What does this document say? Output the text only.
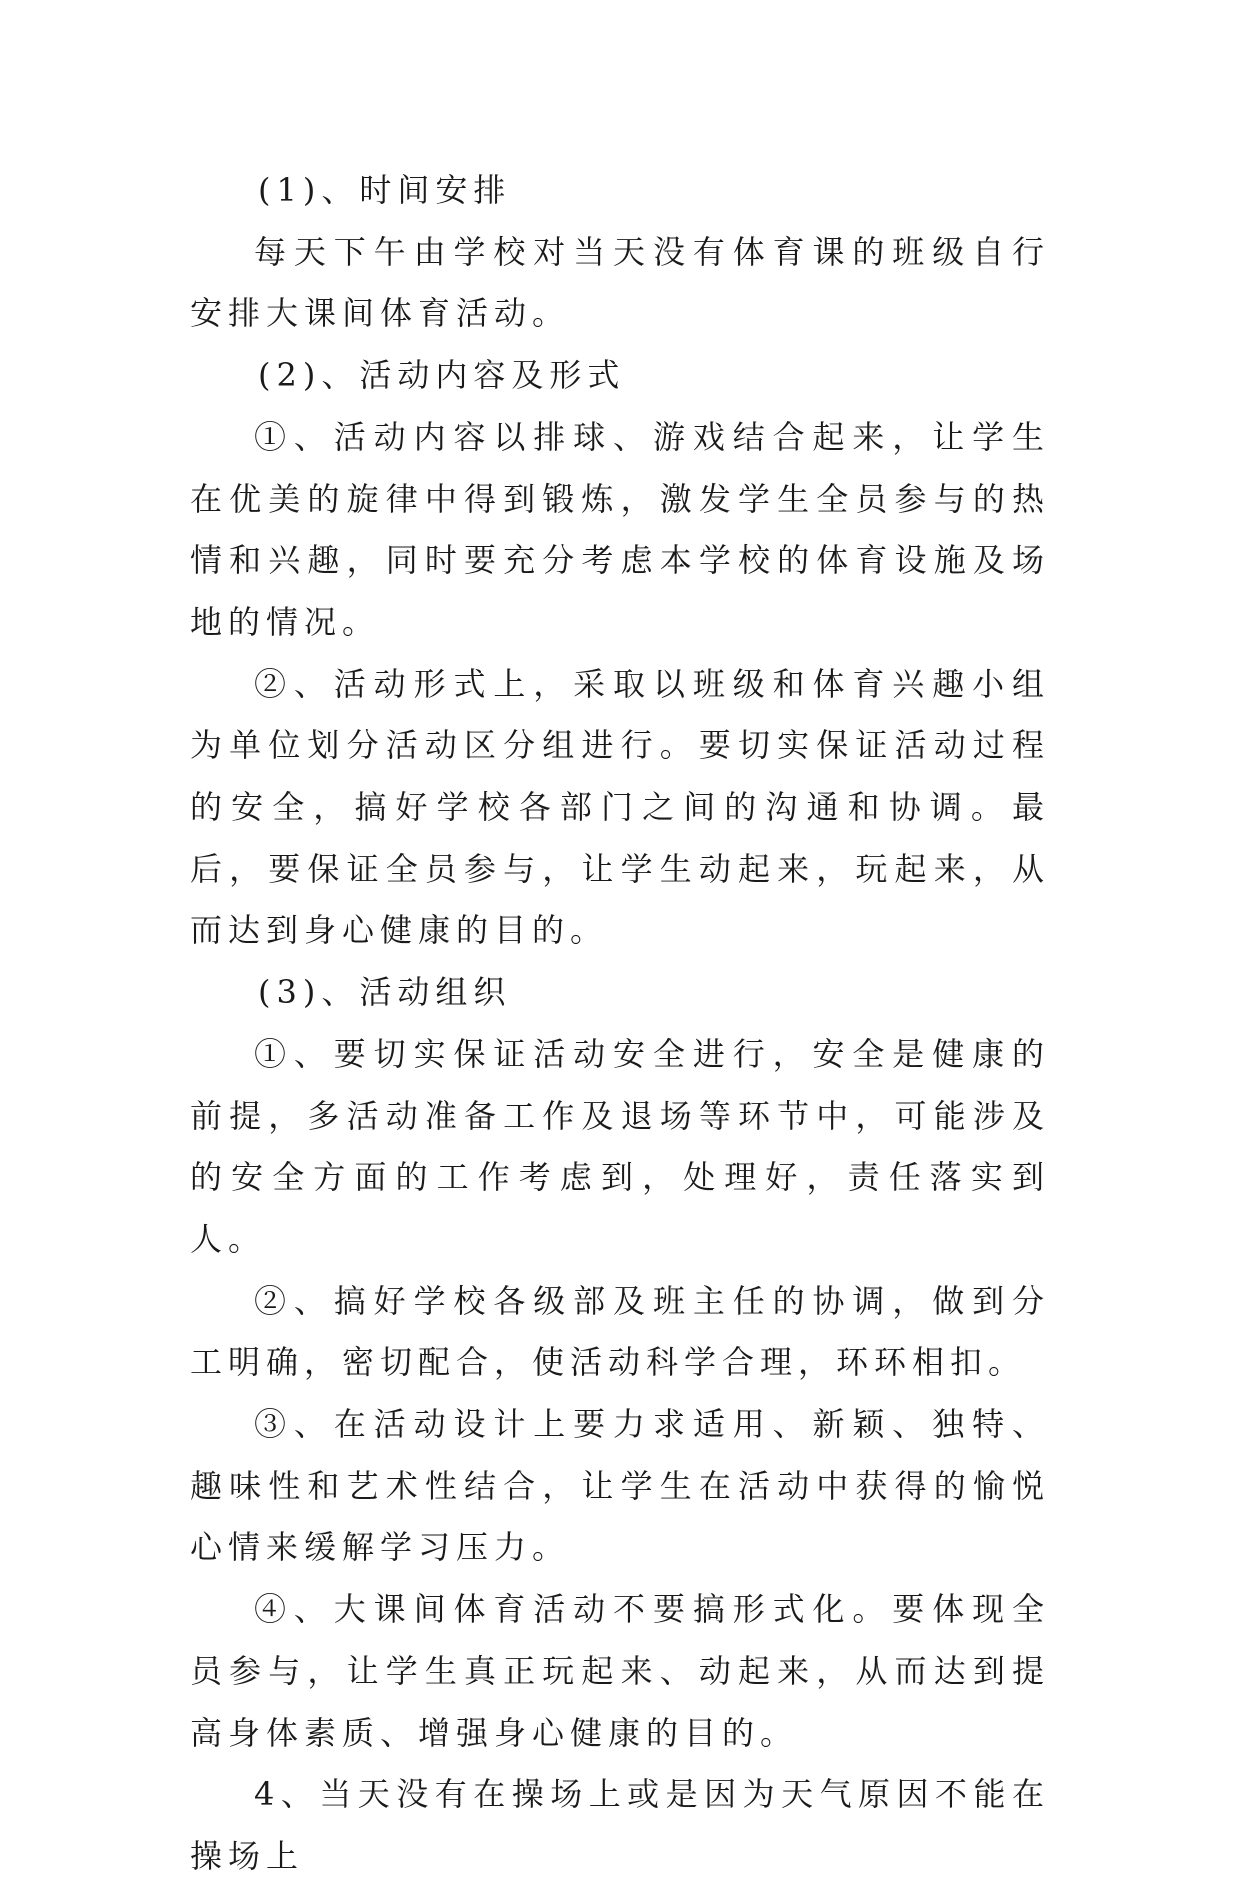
(1)、时间安排

每天下午由学校对当天没有体育课的班级自行安排大课间体育活动。

(2)、活动内容及形式

①、活动内容以排球、游戏结合起来，让学生在优美的旋律中得到锻炼，激发学生全员参与的热情和兴趣，同时要充分考虑本学校的体育设施及场地的情况。

②、活动形式上，采取以班级和体育兴趣小组为单位划分活动区分组进行。要切实保证活动过程的安全，搞好学校各部门之间的沟通和协调。最后，要保证全员参与，让学生动起来，玩起来，从而达到身心健康的目的。

(3)、活动组织

①、要切实保证活动安全进行，安全是健康的前提，多活动准备工作及退场等环节中，可能涉及的安全方面的工作考虑到，处理好，责任落实到人。

②、搞好学校各级部及班主任的协调，做到分工明确，密切配合，使活动科学合理，环环相扣。

③、在活动设计上要力求适用、新颖、独特、趣味性和艺术性结合，让学生在活动中获得的愉悦心情来缓解学习压力。

④、大课间体育活动不要搞形式化。要体现全员参与，让学生真正玩起来、动起来，从而达到提高身体素质、增强身心健康的目的。

4、当天没有在操场上或是因为天气原因不能在操场上
